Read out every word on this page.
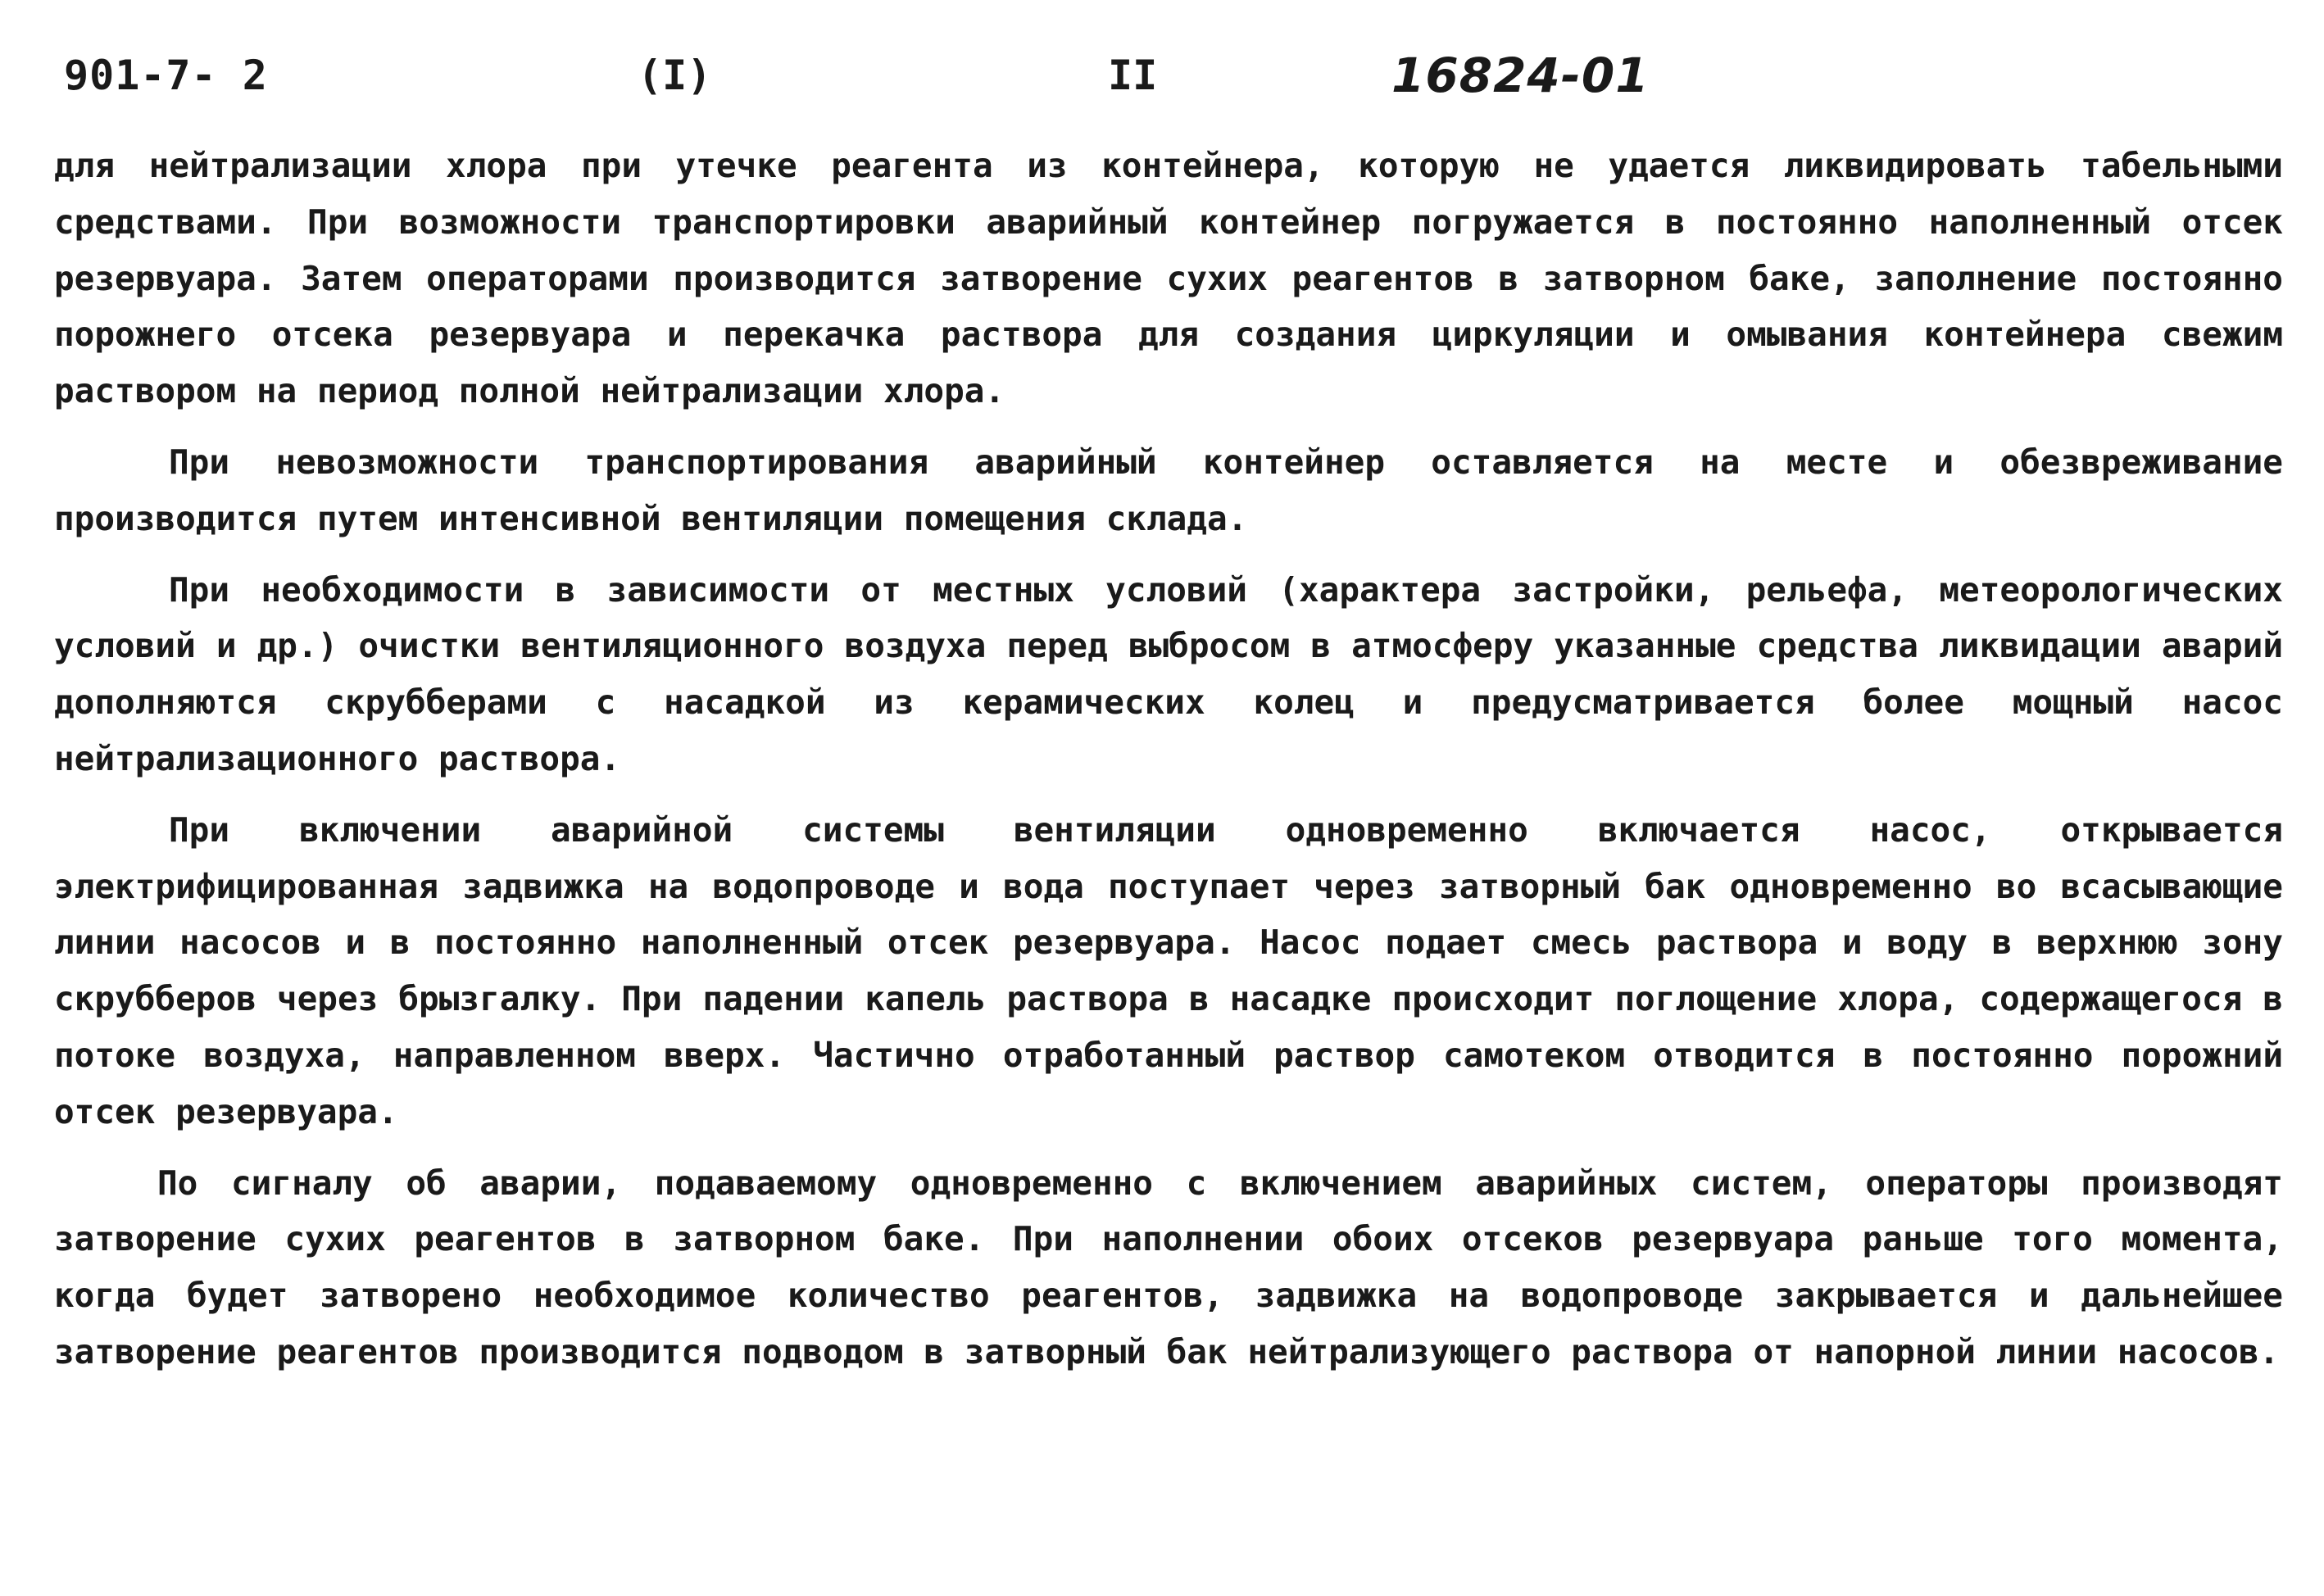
901-7- 2	(I)	II	16824-01

для нейтрализации хлора при утечке реагента из контейнера, которую не удается ликвидировать табельными средствами. При возможности транспортировки аварийный контейнер погружается в постоянно наполненный отсек резервуара. Затем операторами производится затворение сухих реагентов в затворном баке, заполнение постоянно порожнего отсека резервуара и перекачка раствора для создания циркуляции и омывания контейнера свежим раствором на период полной нейтрализации хлора.

При невозможности транспортирования аварийный контейнер оставляется на месте и обезвреживание производится путем интенсивной вентиляции помещения склада.

При необходимости в зависимости от местных условий (характера застройки, рельефа, метеорологических условий и др.) очистки вентиляционного воздуха перед выбросом в атмосферу указанные средства ликвидации аварий дополняются скрубберами с насадкой из керамических колец и предусматривается более мощный насос нейтрализационного раствора.

При включении аварийной системы вентиляции одновременно включается насос, открывается электрифицированная задвижка на водопроводе и вода поступает через затворный бак одновременно во всасывающие линии насосов и в постоянно наполненный отсек резервуара. Насос подает смесь раствора и воду в верхнюю зону скрубберов через брызгалку. При падении капель раствора в насадке происходит поглощение хлора, содержащегося в потоке воздуха, направленном вверх. Частично отработанный раствор самотеком отводится в постоянно порожний отсек резервуара.

По сигналу об аварии, подаваемому одновременно с включением аварийных систем, операторы производят затворение сухих реагентов в затворном баке. При наполнении обоих отсеков резервуара раньше того момента, когда будет затворено необходимое количество реагентов, задвижка на водопроводе закрывается и дальнейшее затворение реагентов производится подводом в затворный бак нейтрализующего раствора от напорной линии насосов.
